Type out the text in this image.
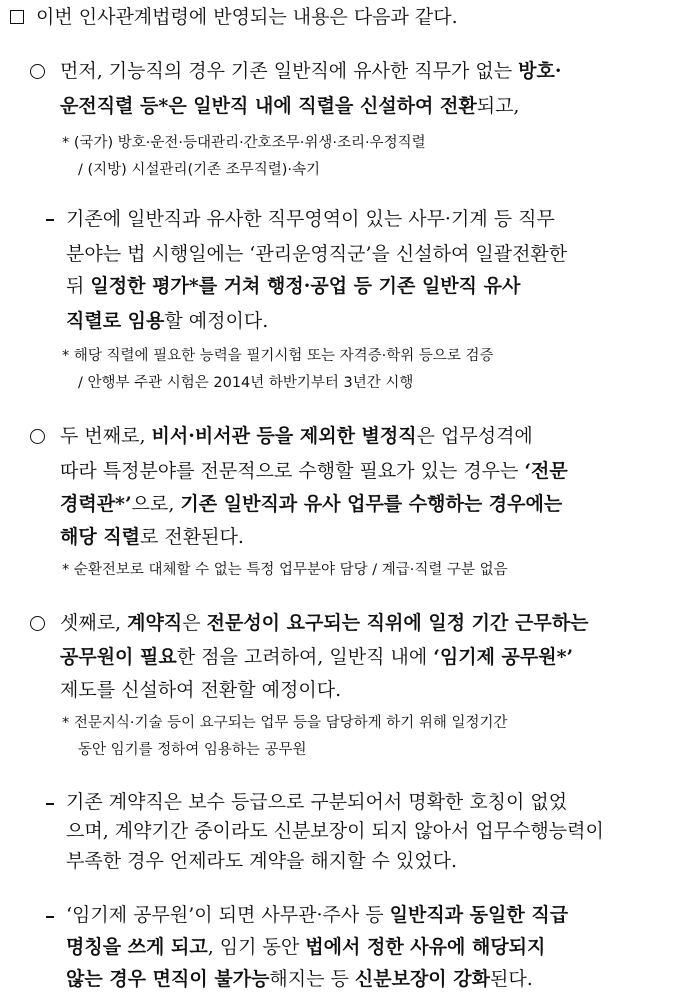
이번 인사관계법령에 반영되는 내용은 다음과 같다.
먼저, 기능직의 경우 기존 일반직에 유사한 직무가 없는 방호·
운전직렬 등*은 일반직 내에 직렬을 신설하여 전환되고,
* (국가) 방호·운전·등대관리·간호조무·위생·조리·우정직렬
/ (지방) 시설관리(기존 조무직렬)·속기
기존에 일반직과 유사한 직무영역이 있는 사무·기계 등 직무
분야는 법 시행일에는 ‘관리운영직군’을 신설하여 일괄전환한
뒤 일정한 평가*를 거쳐 행정·공업 등 기존 일반직 유사
직렬로 임용할 예정이다.
* 해당 직렬에 필요한 능력을 필기시험 또는 자격증·학위 등으로 검증
/ 안행부 주관 시험은 2014년 하반기부터 3년간 시행
두 번째로, 비서·비서관 등을 제외한 별정직은 업무성격에
따라 특정분야를 전문적으로 수행할 필요가 있는 경우는 ‘전문
경력관*’으로, 기존 일반직과 유사 업무를 수행하는 경우에는
해당 직렬로 전환된다.
* 순환전보로 대체할 수 없는 특정 업무분야 담당 / 계급·직렬 구분 없음
셋째로, 계약직은 전문성이 요구되는 직위에 일정 기간 근무하는
공무원이 필요한 점을 고려하여, 일반직 내에 ‘임기제 공무원*’
제도를 신설하여 전환할 예정이다.
* 전문지식·기술 등이 요구되는 업무 등을 담당하게 하기 위해 일정기간
동안 임기를 정하여 임용하는 공무원
기존 계약직은 보수 등급으로 구분되어서 명확한 호칭이 없었
으며, 계약기간 중이라도 신분보장이 되지 않아서 업무수행능력이
부족한 경우 언제라도 계약을 해지할 수 있었다.
‘임기제 공무원’이 되면 사무관·주사 등 일반직과 동일한 직급
명칭을 쓰게 되고, 임기 동안 법에서 정한 사유에 해당되지
않는 경우 면직이 불가능해지는 등 신분보장이 강화된다.
